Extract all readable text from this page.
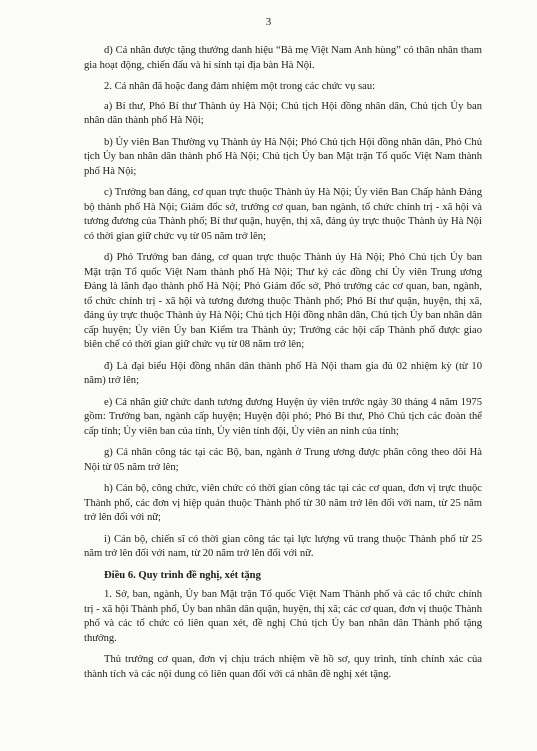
3

d) Cá nhân được tặng thưởng danh hiệu “Bà mẹ Việt Nam Anh hùng” có thân nhân tham gia hoạt động, chiến đấu và hi sinh tại địa bàn Hà Nội.

2. Cá nhân đã hoặc đang đảm nhiệm một trong các chức vụ sau:

a) Bí thư, Phó Bí thư Thành ủy Hà Nội; Chủ tịch Hội đồng nhân dân, Chủ tịch Ủy ban nhân dân thành phố Hà Nội;

b) Ủy viên Ban Thường vụ Thành ủy Hà Nội; Phó Chủ tịch Hội đồng nhân dân, Phó Chủ tịch Ủy ban nhân dân thành phố Hà Nội; Chủ tịch Ủy ban Mặt trận Tổ quốc Việt Nam thành phố Hà Nội;

c) Trưởng ban đảng, cơ quan trực thuộc Thành ủy Hà Nội; Ủy viên Ban Chấp hành Đảng bộ thành phố Hà Nội; Giám đốc sở, trưởng cơ quan, ban ngành, tổ chức chính trị - xã hội và tương đương của Thành phố; Bí thư quận, huyện, thị xã, đảng ủy trực thuộc Thành ủy Hà Nội có thời gian giữ chức vụ từ 05 năm trở lên;

d) Phó Trưởng ban đảng, cơ quan trực thuộc Thành ủy Hà Nội; Phó Chủ tịch Ủy ban Mặt trận Tổ quốc Việt Nam thành phố Hà Nội; Thư ký các đồng chí Ủy viên Trung ương Đảng là lãnh đạo thành phố Hà Nội; Phó Giám đốc sở, Phó trưởng các cơ quan, ban, ngành, tổ chức chính trị - xã hội và tương đương thuộc Thành phố; Phó Bí thư quận, huyện, thị xã, đảng ủy trực thuộc Thành ủy Hà Nội; Chủ tịch Hội đồng nhân dân, Chủ tịch Ủy ban nhân dân cấp huyện; Ủy viên Ủy ban Kiểm tra Thành ủy; Trưởng các hội cấp Thành phố được giao biên chế có thời gian giữ chức vụ từ 08 năm trở lên;

đ) Là đại biểu Hội đồng nhân dân thành phố Hà Nội tham gia đủ 02 nhiệm kỳ (từ 10 năm) trở lên;

e) Cá nhân giữ chức danh tương đương Huyện ủy viên trước ngày 30 tháng 4 năm 1975 gồm: Trưởng ban, ngành cấp huyện; Huyện đội phó; Phó Bí thư, Phó Chủ tịch các đoàn thể cấp tỉnh; Ủy viên ban của tỉnh, Ủy viên tỉnh đội, Ủy viên an ninh của tỉnh;

g) Cá nhân công tác tại các Bộ, ban, ngành ở Trung ương được phân công theo dõi Hà Nội từ 05 năm trở lên;

h) Cán bộ, công chức, viên chức có thời gian công tác tại các cơ quan, đơn vị trực thuộc Thành phố, các đơn vị hiệp quản thuộc Thành phố từ 30 năm trở lên đối với nam, từ 25 năm trở lên đối với nữ;

i) Cán bộ, chiến sĩ có thời gian công tác tại lực lượng vũ trang thuộc Thành phố từ 25 năm trở lên đối với nam, từ 20 năm trở lên đối với nữ.

Điều 6. Quy trình đề nghị, xét tặng

1. Sở, ban, ngành, Ủy ban Mặt trận Tổ quốc Việt Nam Thành phố và các tổ chức chính trị - xã hội Thành phố, Ủy ban nhân dân quận, huyện, thị xã; các cơ quan, đơn vị thuộc Thành phố và các tổ chức có liên quan xét, đề nghị Chủ tịch Ủy ban nhân dân Thành phố tặng thưởng.

Thủ trưởng cơ quan, đơn vị chịu trách nhiệm về hồ sơ, quy trình, tính chính xác của thành tích và các nội dung có liên quan đối với cá nhân đề nghị xét tặng.
